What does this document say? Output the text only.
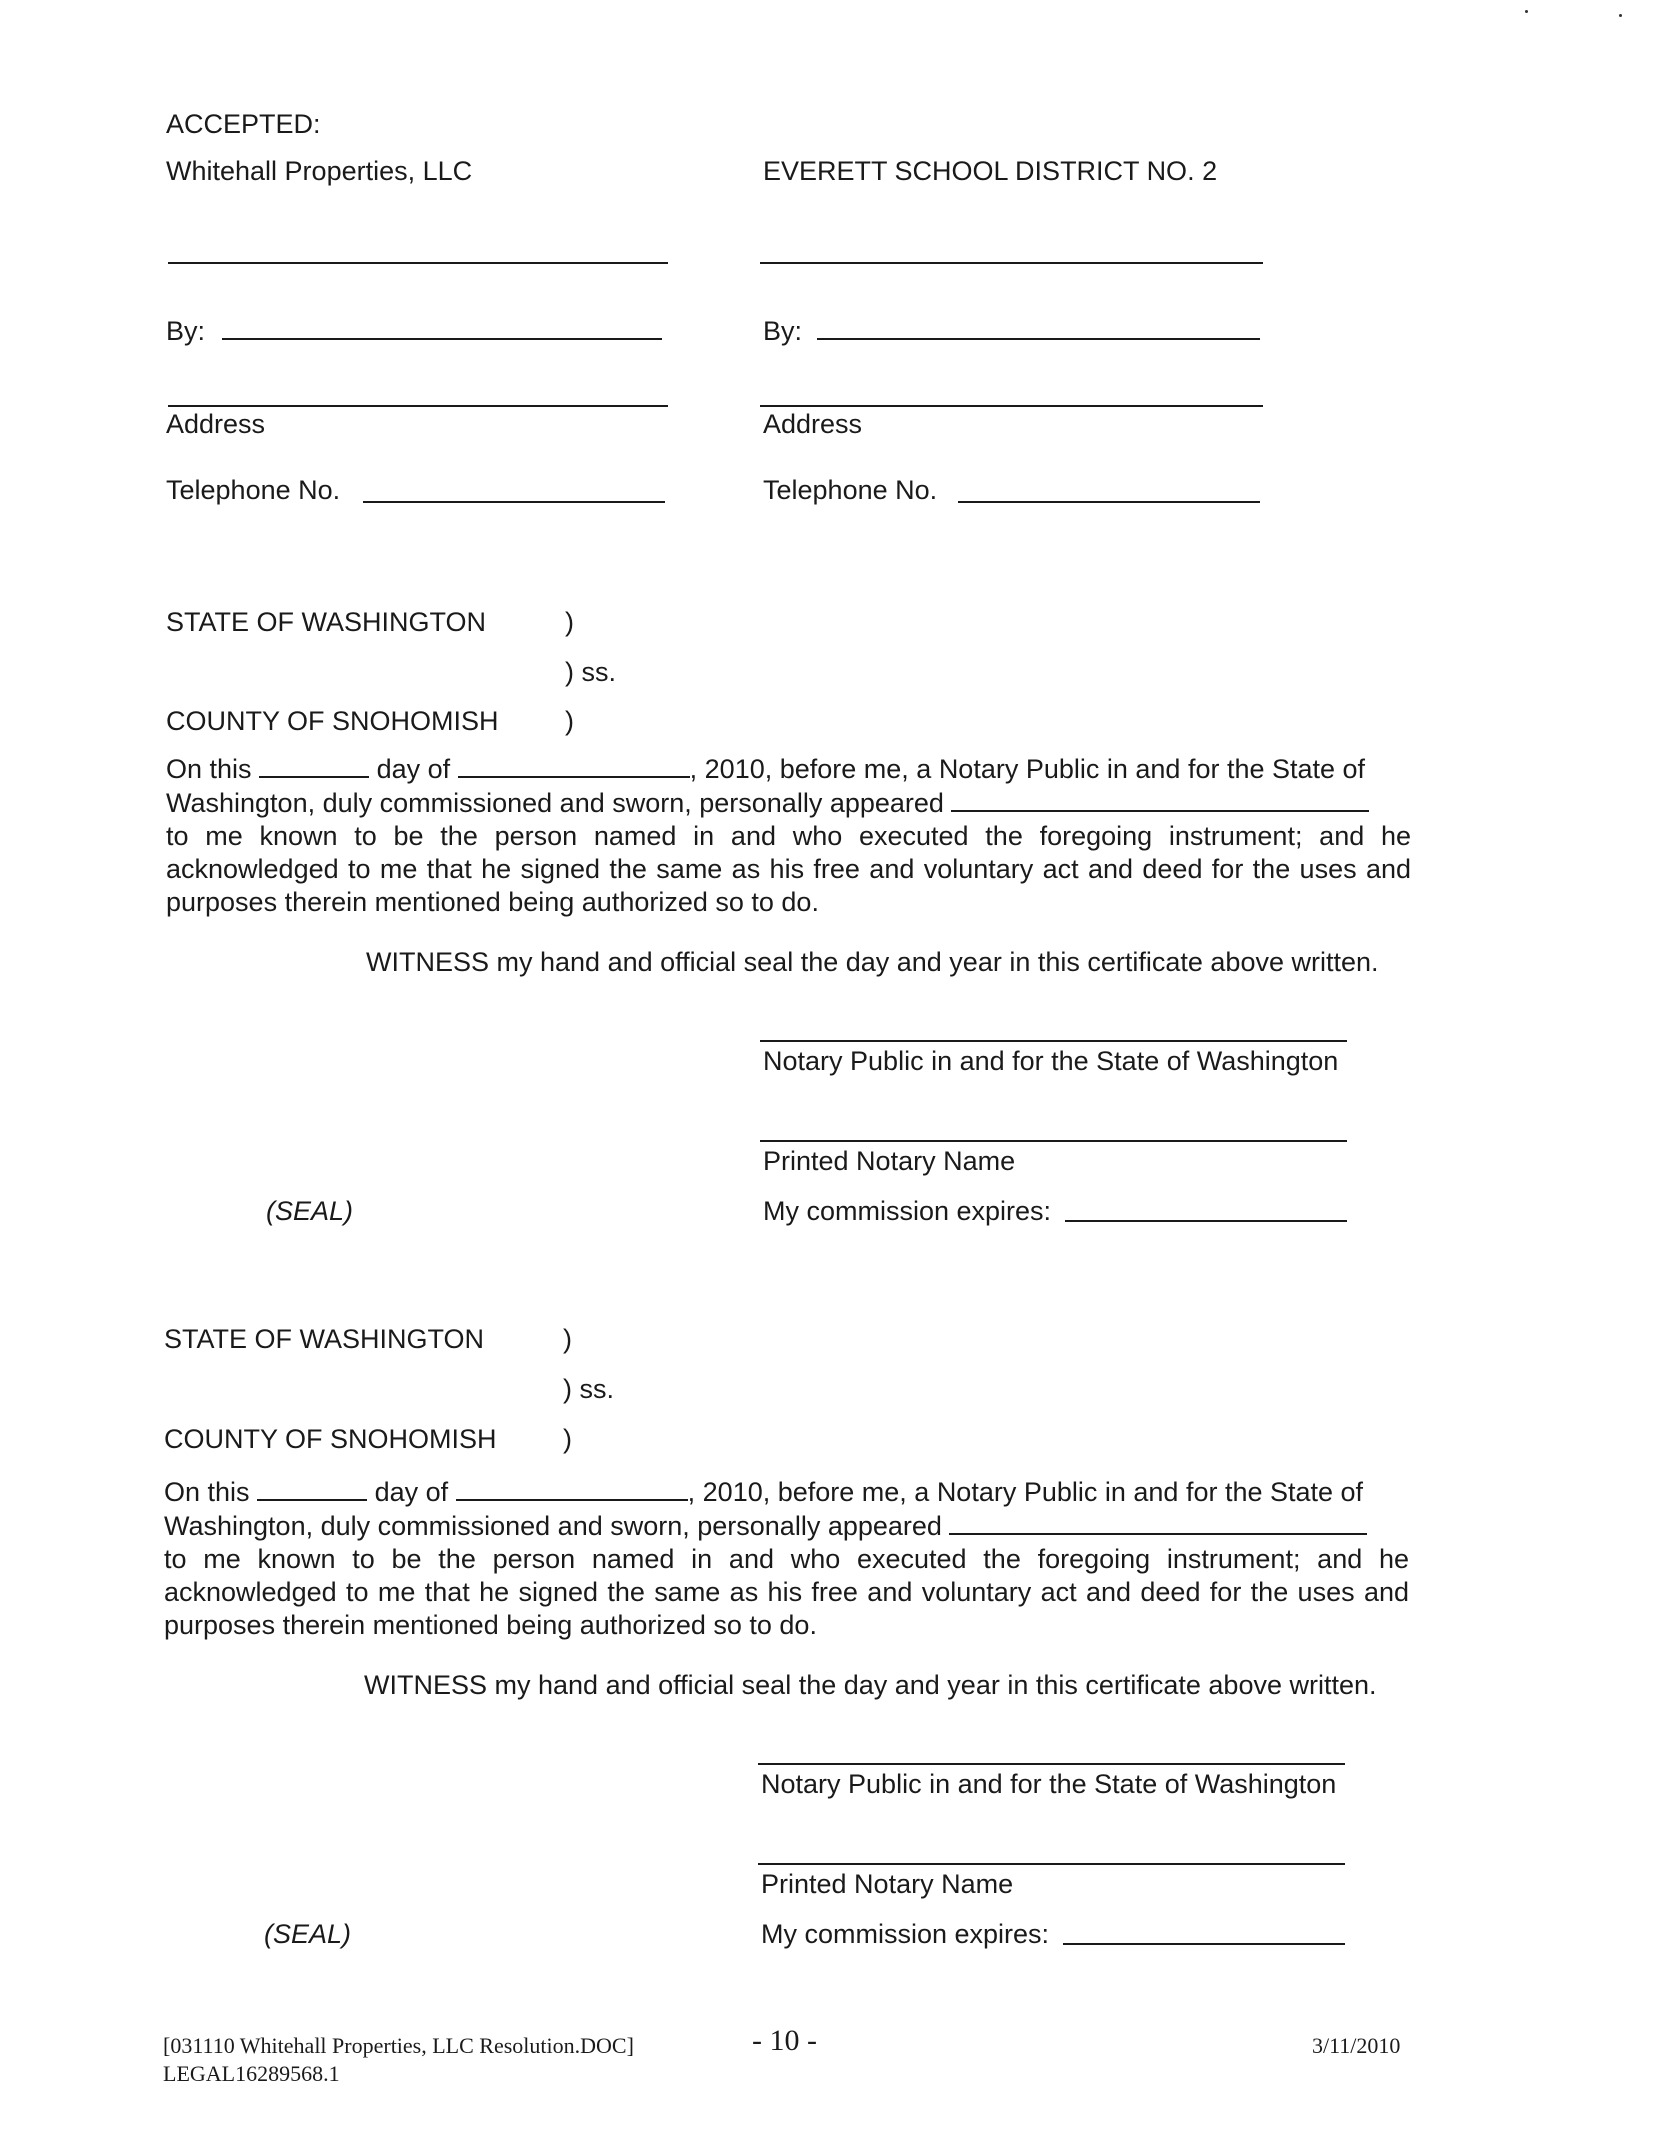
ACCEPTED:
Whitehall Properties, LLC	EVERETT SCHOOL DISTRICT NO. 2
By:	By:
Address	Address
Telephone No.	Telephone No.
STATE OF WASHINGTON	)
) ss.
COUNTY OF SNOHOMISH )
On this	day of	, 2010, before me, a Notary Public in and for the State of
Washington, duly commissioned and sworn, personally appeared
to me known to be the person named in and who executed the foregoing instrument; and he acknowledged to me that he signed the same as his free and voluntary act and deed for the uses and purposes therein mentioned being authorized so to do.
WITNESS my hand and official seal the day and year in this certificate above written.
Notary Public in and for the State of Washington
Printed Notary Name
(SEAL)	My commission expires:
STATE OF WASHINGTON	)
) ss.
COUNTY OF SNOHOMISH )
On this	day of	, 2010, before me, a Notary Public in and for the State of
Washington, duly commissioned and sworn, personally appeared
to me known to be the person named in and who executed the foregoing instrument; and he acknowledged to me that he signed the same as his free and voluntary act and deed for the uses and purposes therein mentioned being authorized so to do.
WITNESS my hand and official seal the day and year in this certificate above written.
Notary Public in and for the State of Washington
Printed Notary Name
(SEAL)	My commission expires:
[031110 Whitehall Properties, LLC Resolution.DOC]
LEGAL16289568.1
- 10 -	3/11/2010
